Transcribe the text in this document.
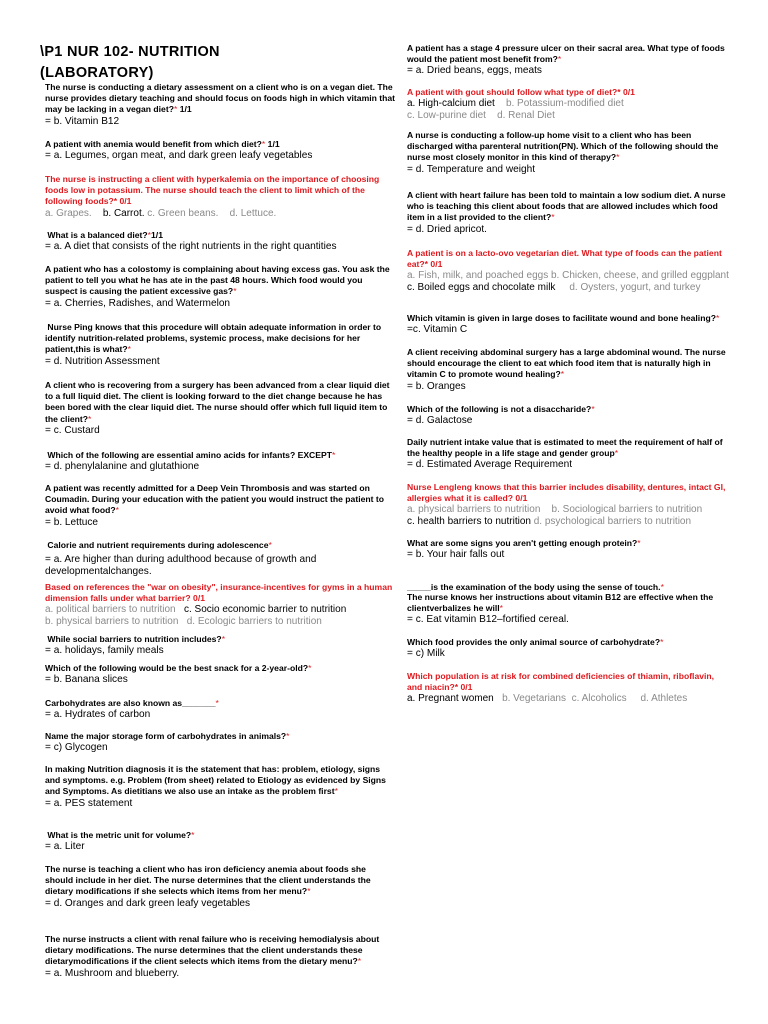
\P1 NUR 102- NUTRITION
(LABORATORY)
The nurse is conducting a dietary assessment on a client who is on a vegan diet. The nurse provides dietary teaching and should focus on foods high in which vitamin that may be lacking in a vegan diet?* 1/1
= b. Vitamin B12
A patient with anemia would benefit from which diet?* 1/1
= a. Legumes, organ meat, and dark green leafy vegetables
The nurse is instructing a client with hyperkalemia on the importance of choosing foods low in potassium. The nurse should teach the client to limit which of the following foods?* 0/1
a. Grapes. b. Carrot. c. Green beans. d. Lettuce.
What is a balanced diet?*1/1
= a. A diet that consists of the right nutrients in the right quantities
A patient who has a colostomy is complaining about having excess gas. You ask the patient to tell you what he has ate in the past 48 hours. Which food would you suspect is causing the patient excessive gas?*
= a. Cherries, Radishes, and Watermelon
Nurse Ping knows that this procedure will obtain adequate information in order to identify nutrition-related problems, systemic process, make decisions for her patient,this is what?*
= d. Nutrition Assessment
A client who is recovering from a surgery has been advanced from a clear liquid diet to a full liquid diet. The client is looking forward to the diet change because he has been bored with the clear liquid diet. The nurse should offer which full liquid item to the client?*
= c. Custard
Which of the following are essential amino acids for infants? EXCEPT*
= d. phenylalanine and glutathione
A patient was recently admitted for a Deep Vein Thrombosis and was started on Coumadin. During your education with the patient you would instruct the patient to avoid what food?*
= b. Lettuce
Calorie and nutrient requirements during adolescence*
= a. Are higher than during adulthood because of growth and developmentalchanges.
Based on references the "war on obesity", insurance-incentives for gyms in a human dimension falls under what barrier? 0/1
a. political barriers to nutrition c. Socio economic barrier to nutrition
b. physical barriers to nutrition d. Ecologic barriers to nutrition
While social barriers to nutrition includes?*
= a. holidays, family meals
Which of the following would be the best snack for a 2-year-old?*
= b. Banana slices
Carbohydrates are also known as_______*
= a. Hydrates of carbon
Name the major storage form of carbohydrates in animals?*
= c) Glycogen
In making Nutrition diagnosis it is the statement that has: problem, etiology, signs and symptoms. e.g. Problem (from sheet) related to Etiology as evidenced by Signs and Symptoms. As dietitians we also use an intake as the problem first*
= a. PES statement
What is the metric unit for volume?*
= a. Liter
The nurse is teaching a client who has iron deficiency anemia about foods she should include in her diet. The nurse determines that the client understands the dietary modifications if she selects which items from her menu?*
= d. Oranges and dark green leafy vegetables
The nurse instructs a client with renal failure who is receiving hemodialysis about dietary modifications. The nurse determines that the client understands these dietarymodifications if the client selects which items from the dietary menu?*
= a. Mushroom and blueberry.
A patient has a stage 4 pressure ulcer on their sacral area. What type of foods would the patient most benefit from?*
= a. Dried beans, eggs, meats
A patient with gout should follow what type of diet?* 0/1
a. High-calcium diet b. Potassium-modified diet
c. Low-purine diet d. Renal Diet
A nurse is conducting a follow-up home visit to a client who has been discharged witha parenteral nutrition(PN). Which of the following should the nurse most closely monitor in this kind of therapy?*
= d. Temperature and weight
A client with heart failure has been told to maintain a low sodium diet. A nurse who is teaching this client about foods that are allowed includes which food item in a list provided to the client?*
= d. Dried apricot.
A patient is on a lacto-ovo vegetarian diet. What type of foods can the patient eat?* 0/1
a. Fish, milk, and poached eggs b. Chicken, cheese, and grilled eggplant
c. Boiled eggs and chocolate milk d. Oysters, yogurt, and turkey
Which vitamin is given in large doses to facilitate wound and bone healing?*
=c. Vitamin C
A client receiving abdominal surgery has a large abdominal wound. The nurse should encourage the client to eat which food item that is naturally high in vitamin C to promote wound healing?*
= b. Oranges
Which of the following is not a disaccharide?*
= d. Galactose
Daily nutrient intake value that is estimated to meet the requirement of half of the healthy people in a life stage and gender group*
= d. Estimated Average Requirement
Nurse Lengleng knows that this barrier includes disability, dentures, intact GI, allergies what it is called? 0/1
a. physical barriers to nutrition b. Sociological barriers to nutrition
c. health barriers to nutrition d. psychological barriers to nutrition
What are some signs you aren't getting enough protein?*
= b. Your hair falls out
_____is the examination of the body using the sense of touch.*
The nurse knows her instructions about vitamin B12 are effective when the clientverbalizes he will*
= c. Eat vitamin B12–fortified cereal.
Which food provides the only animal source of carbohydrate?*
= c) Milk
Which population is at risk for combined deficiencies of thiamin, riboflavin, and niacin?* 0/1
a. Pregnant women b. Vegetarians c. Alcoholics d. Athletes
